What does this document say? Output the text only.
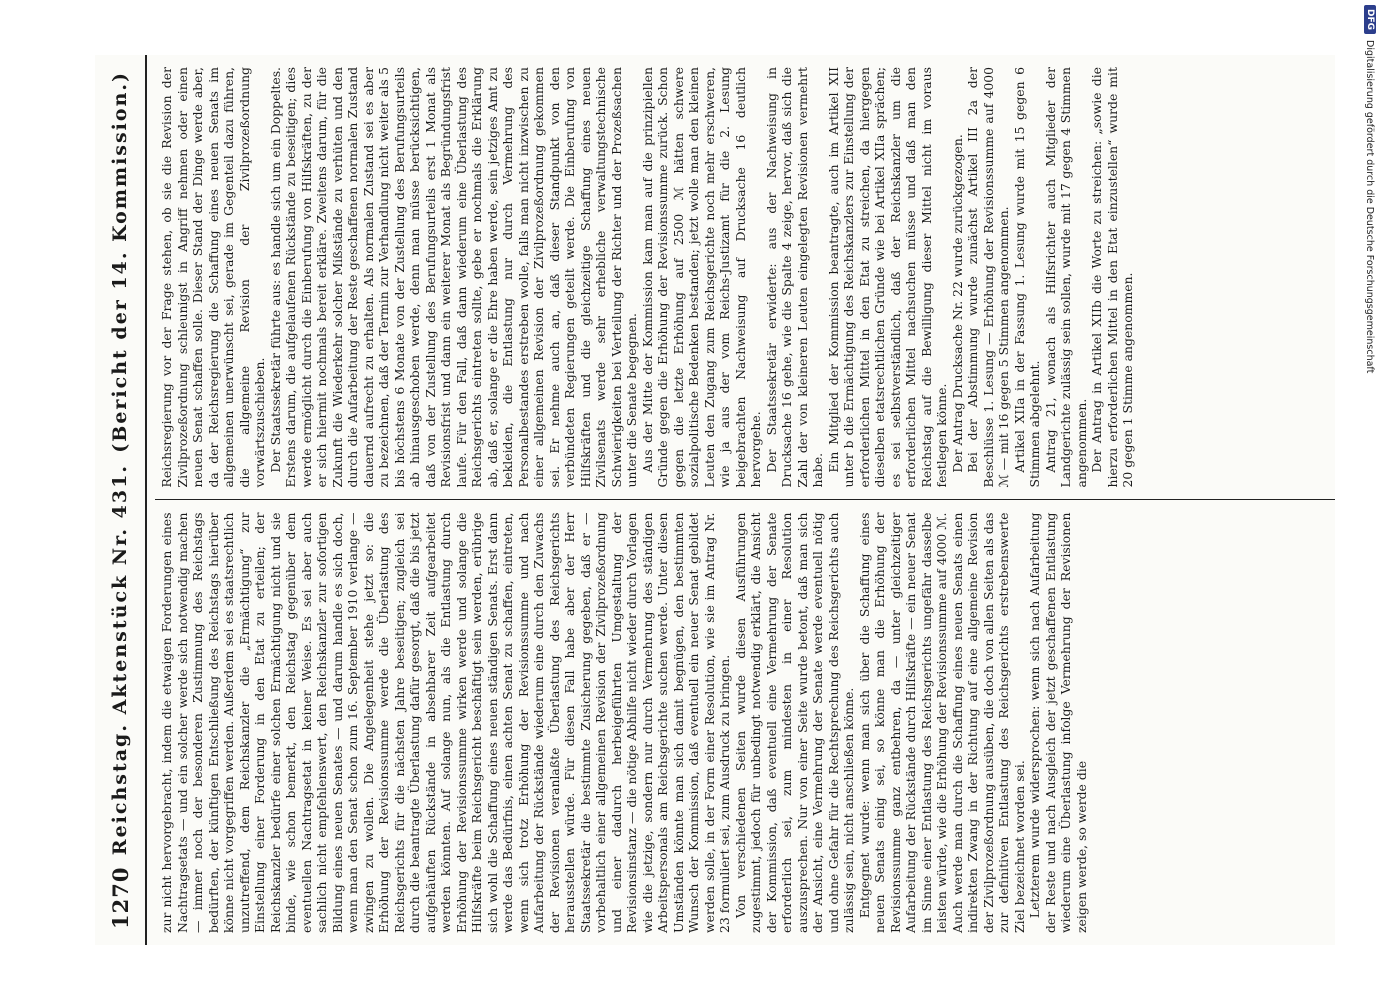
1270
Reichstag. Aktenstück Nr. 431.
(Bericht der 14. Kommission.)

zur nicht hervorgebracht, indem die etwaigen Forderungen eines Nachtragsetats — und ein solcher werde sich notwendig machen — immer noch der besonderen Zustimmung des Reichstags bedürften, der künftigen Entschließung des Reichstags hierüber könne nicht vorgegriffen werden. Außerdem sei es staatsrechtlich unzutreffend, dem Reichskanzler die „Ermächtigung“ zur Einstellung einer Forderung in den Etat zu erteilen; der Reichskanzler bedürfe einer solchen Ermächtigung nicht und sie binde, wie schon bemerkt, den Reichstag gegenüber dem eventuellen Nachtragsetat in keiner Weise. Es sei aber auch sachlich nicht empfehlenswert, den Reichskanzler zur sofortigen Bildung eines neuen Senates — und darum handle es sich doch, wenn man den Senat schon zum 16. September 1910 verlange — zwingen zu wollen. Die Angelegenheit stehe jetzt so: die Erhöhung der Revisionssumme werde die Überlastung des Reichsgerichts für die nächsten Jahre beseitigen; zugleich sei durch die beantragte Überlastung dafür gesorgt, daß die bis jetzt aufgehäuften Rückstände in absehbarer Zeit aufgearbeitet werden könnten. Auf solange nun, als die Entlastung durch Erhöhung der Revisionssumme wirken werde und solange die Hilfskräfte beim Reichsgericht beschäftigt sein werden, erübrige sich wohl die Schaffung eines neuen ständigen Senats. Erst dann werde das Bedürfnis, einen achten Senat zu schaffen, eintreten, wenn sich trotz Erhöhung der Revisionssumme und nach Aufarbeitung der Rückstände wiederum eine durch den Zuwachs der Revisionen veranlaßte Überlastung des Reichsgerichts herausstellen würde. Für diesen Fall habe aber der Herr Staatssekretär die bestimmte Zusicherung gegeben, daß er — vorbehaltlich einer allgemeinen Revision der Zivilprozeßordnung und einer dadurch herbeigeführten Umgestaltung der Revisionsinstanz — die nötige Abhilfe nicht wieder durch Vorlagen wie die jetzige, sondern nur durch Vermehrung des ständigen Arbeitspersonals am Reichsgerichte suchen werde. Unter diesen Umständen könnte man sich damit begnügen, den bestimmten Wunsch der Kommission, daß eventuell ein neuer Senat gebildet werden solle, in der Form einer Resolution, wie sie im Antrag Nr. 23 formuliert sei, zum Ausdruck zu bringen. Von verschiedenen Seiten wurde diesen Ausführungen zugestimmt, jedoch für unbedingt notwendig erklärt, die Ansicht der Kommission, daß eventuell eine Vermehrung der Senate erforderlich sei, zum mindesten in einer Resolution auszusprechen. Nur von einer Seite wurde betont, daß man sich der Ansicht, eine Vermehrung der Senate werde eventuell nötig und ohne Gefahr für die Rechtsprechung des Reichsgerichts auch zulässig sein, nicht anschließen könne. Entgegnet wurde: wenn man sich über die Schaffung eines neuen Senats einig sei, so könne man die Erhöhung der Revisionssumme ganz entbehren, da — unter gleichzeitiger Aufarbeitung der Rückstände durch Hilfskräfte — ein neuer Senat im Sinne einer Entlastung des Reichsgerichts ungefähr dasselbe leisten würde, wie die Erhöhung der Revisionssumme auf 4000 ℳ. Auch werde man durch die Schaffung eines neuen Senats einen indirekten Zwang in der Richtung auf eine allgemeine Revision der Zivilprozeßordnung ausüben, die doch von allen Seiten als das zur definitiven Entlastung des Reichsgerichts erstrebenswerte Ziel bezeichnet worden sei. Letzterem wurde widersprochen: wenn sich nach Aufarbeitung der Reste und nach Ausgleich der jetzt geschaffenen Entlastung wiederum eine Überlastung infolge Vermehrung der Revisionen zeigen werde, so werde die

Reichsregierung vor der Frage stehen, ob sie die Revision der Zivilprozeßordnung schleunigst in Angriff nehmen oder einen neuen Senat schaffen solle. Dieser Stand der Dinge werde aber, da der Reichsregierung die Schaffung eines neuen Senats im allgemeinen unerwünscht sei, gerade im Gegenteil dazu führen, die allgemeine Revision der Zivilprozeßordnung vorwärtszuschieben. Der Staatssekretär führte aus: es handle sich um ein Doppeltes. Erstens darum, die aufgelaufenen Rückstände zu beseitigen; dies werde ermöglicht durch die Einberufung von Hilfskräften, zu der er sich hiermit nochmals bereit erkläre. Zweitens darum, für die Zukunft die Wiederkehr solcher Mißstände zu verhüten und den durch die Aufarbeitung der Reste geschaffenen normalen Zustand dauernd aufrecht zu erhalten. Als normalen Zustand sei es aber zu bezeichnen, daß der Termin zur Verhandlung nicht weiter als 5 bis höchstens 6 Monate von der Zustellung des Berufungsurteils ab hinausgeschoben werde, denn man müsse berücksichtigen, daß von der Zustellung des Berufungsurteils erst 1 Monat als Revisionsfrist und dann ein weiterer Monat als Begründungsfrist laufe. Für den Fall, daß dann wiederum eine Überlastung des Reichsgerichts eintreten sollte, gebe er nochmals die Erklärung ab, daß er, solange er die Ehre haben werde, sein jetziges Amt zu bekleiden, die Entlastung nur durch Vermehrung des Personalbestandes erstreben wolle, falls man nicht inzwischen zu einer allgemeinen Revision der Zivilprozeßordnung gekommen sei. Er nehme auch an, daß dieser Standpunkt von den verbündeten Regierungen geteilt werde. Die Einberufung von Hilfskräften und die gleichzeitige Schaffung eines neuen Zivilsenats werde sehr erhebliche verwaltungstechnische Schwierigkeiten bei Verteilung der Richter und der Prozeßsachen unter die Senate begegnen. Aus der Mitte der Kommission kam man auf die prinzipiellen Gründe gegen die Erhöhung der Revisionssumme zurück. Schon gegen die letzte Erhöhung auf 2500 ℳ hätten schwere sozialpolitische Bedenken bestanden; jetzt wolle man den kleinen Leuten den Zugang zum Reichsgerichte noch mehr erschweren, wie ja aus der vom Reichs-Justizamt für die 2. Lesung beigebrachten Nachweisung auf Drucksache 16 deutlich hervorgehe. Der Staatssekretär erwiderte: aus der Nachweisung in Drucksache 16 gehe, wie die Spalte 4 zeige, hervor, daß sich die Zahl der von kleineren Leuten eingelegten Revisionen vermehrt habe. Ein Mitglied der Kommission beantragte, auch im Artikel XII unter b die Ermächtigung des Reichskanzlers zur Einstellung der erforderlichen Mittel in den Etat zu streichen, da hiergegen dieselben etatsrechtlichen Gründe wie bei Artikel XIIa sprächen; es sei selbstverständlich, daß der Reichskanzler um die erforderlichen Mittel nachsuchen müsse und daß man den Reichstag auf die Bewilligung dieser Mittel nicht im voraus festlegen könne. Der Antrag Drucksache Nr. 22 wurde zurückgezogen. Bei der Abstimmung wurde zunächst Artikel III 2a der Beschlüsse 1. Lesung — Erhöhung der Revisionssumme auf 4000 ℳ — mit 16 gegen 5 Stimmen angenommen. Artikel XIIa in der Fassung 1. Lesung wurde mit 15 gegen 6 Stimmen abgelehnt. Antrag 21, wonach als Hilfsrichter auch Mitglieder der Landgerichte zulässig sein sollen, wurde mit 17 gegen 4 Stimmen angenommen. Der Antrag in Artikel XIIb die Worte zu streichen: „sowie die hierzu erforderlichen Mittel in den Etat einzustellen“ wurde mit 20 gegen 1 Stimme angenommen.

DFG
Digitalisierung gefördert durch die Deutsche Forschungsgemeinschaft
